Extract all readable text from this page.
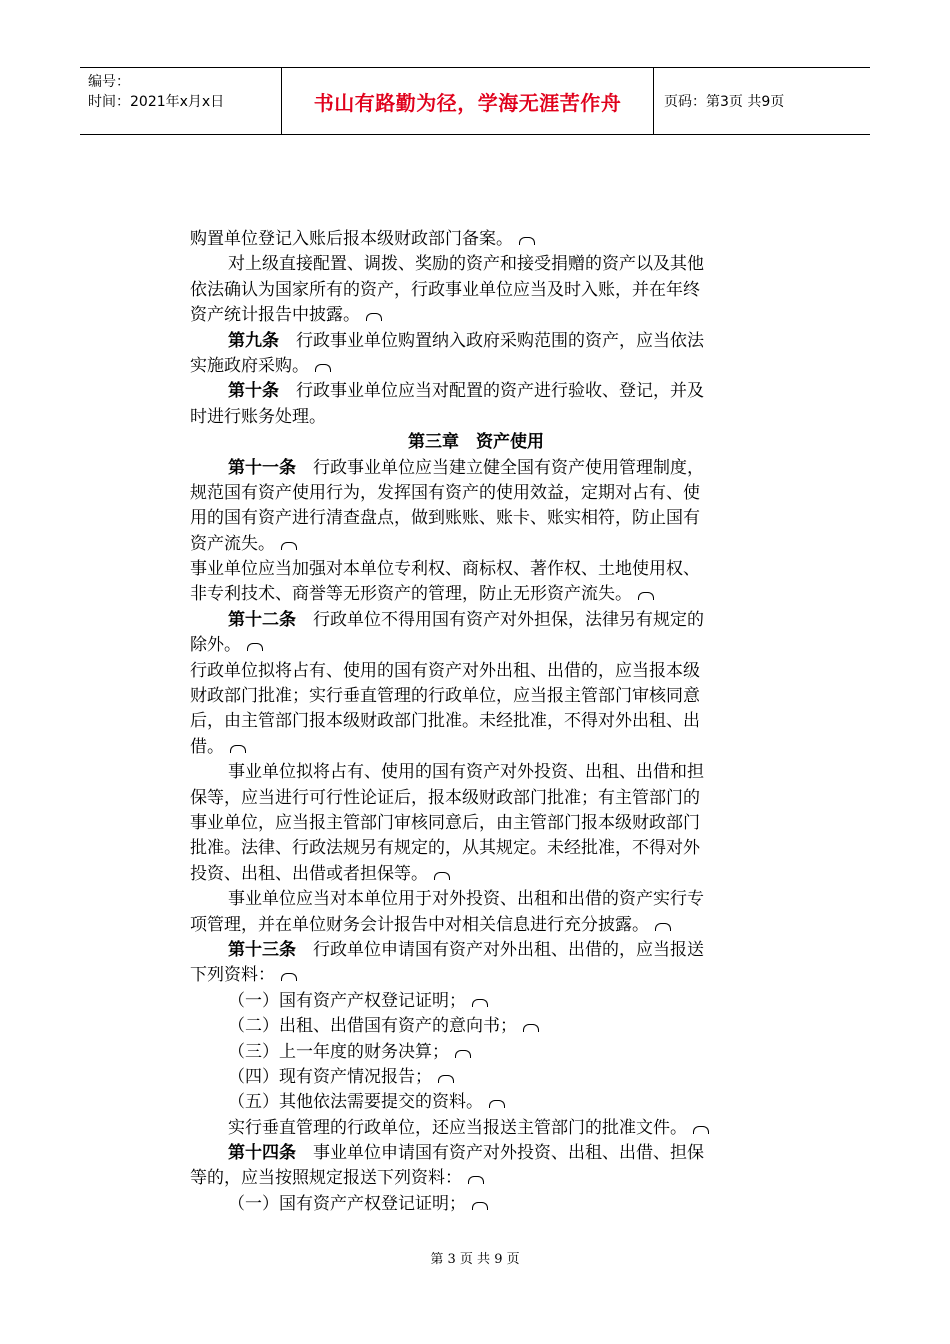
编号：
时间：2021年x月x日	书山有路勤为径，学海无涯苦作舟	页码：第3页 共9页
购置单位登记入账后报本级财政部门备案。
对上级直接配置、调拨、奖励的资产和接受捐赠的资产以及其他
依法确认为国家所有的资产，行政事业单位应当及时入账，并在年终
资产统计报告中披露。
第九条　行政事业单位购置纳入政府采购范围的资产，应当依法
实施政府采购。
第十条　行政事业单位应当对配置的资产进行验收、登记，并及
时进行账务处理。
第三章　资产使用
第十一条　行政事业单位应当建立健全国有资产使用管理制度，
规范国有资产使用行为，发挥国有资产的使用效益，定期对占有、使
用的国有资产进行清查盘点，做到账账、账卡、账实相符，防止国有
资产流失。
事业单位应当加强对本单位专利权、商标权、著作权、土地使用权、
非专利技术、商誉等无形资产的管理，防止无形资产流失。
第十二条　行政单位不得用国有资产对外担保，法律另有规定的
除外。
行政单位拟将占有、使用的国有资产对外出租、出借的，应当报本级
财政部门批准；实行垂直管理的行政单位，应当报主管部门审核同意
后，由主管部门报本级财政部门批准。未经批准，不得对外出租、出
借。
事业单位拟将占有、使用的国有资产对外投资、出租、出借和担
保等，应当进行可行性论证后，报本级财政部门批准；有主管部门的
事业单位，应当报主管部门审核同意后，由主管部门报本级财政部门
批准。法律、行政法规另有规定的，从其规定。未经批准，不得对外
投资、出租、出借或者担保等。
事业单位应当对本单位用于对外投资、出租和出借的资产实行专
项管理，并在单位财务会计报告中对相关信息进行充分披露。
第十三条　行政单位申请国有资产对外出租、出借的，应当报送
下列资料：
（一）国有资产产权登记证明；
（二）出租、出借国有资产的意向书；
（三）上一年度的财务决算；
（四）现有资产情况报告；
（五）其他依法需要提交的资料。
实行垂直管理的行政单位，还应当报送主管部门的批准文件。
第十四条　事业单位申请国有资产对外投资、出租、出借、担保
等的，应当按照规定报送下列资料：
（一）国有资产产权登记证明；
第 3 页 共 9 页
